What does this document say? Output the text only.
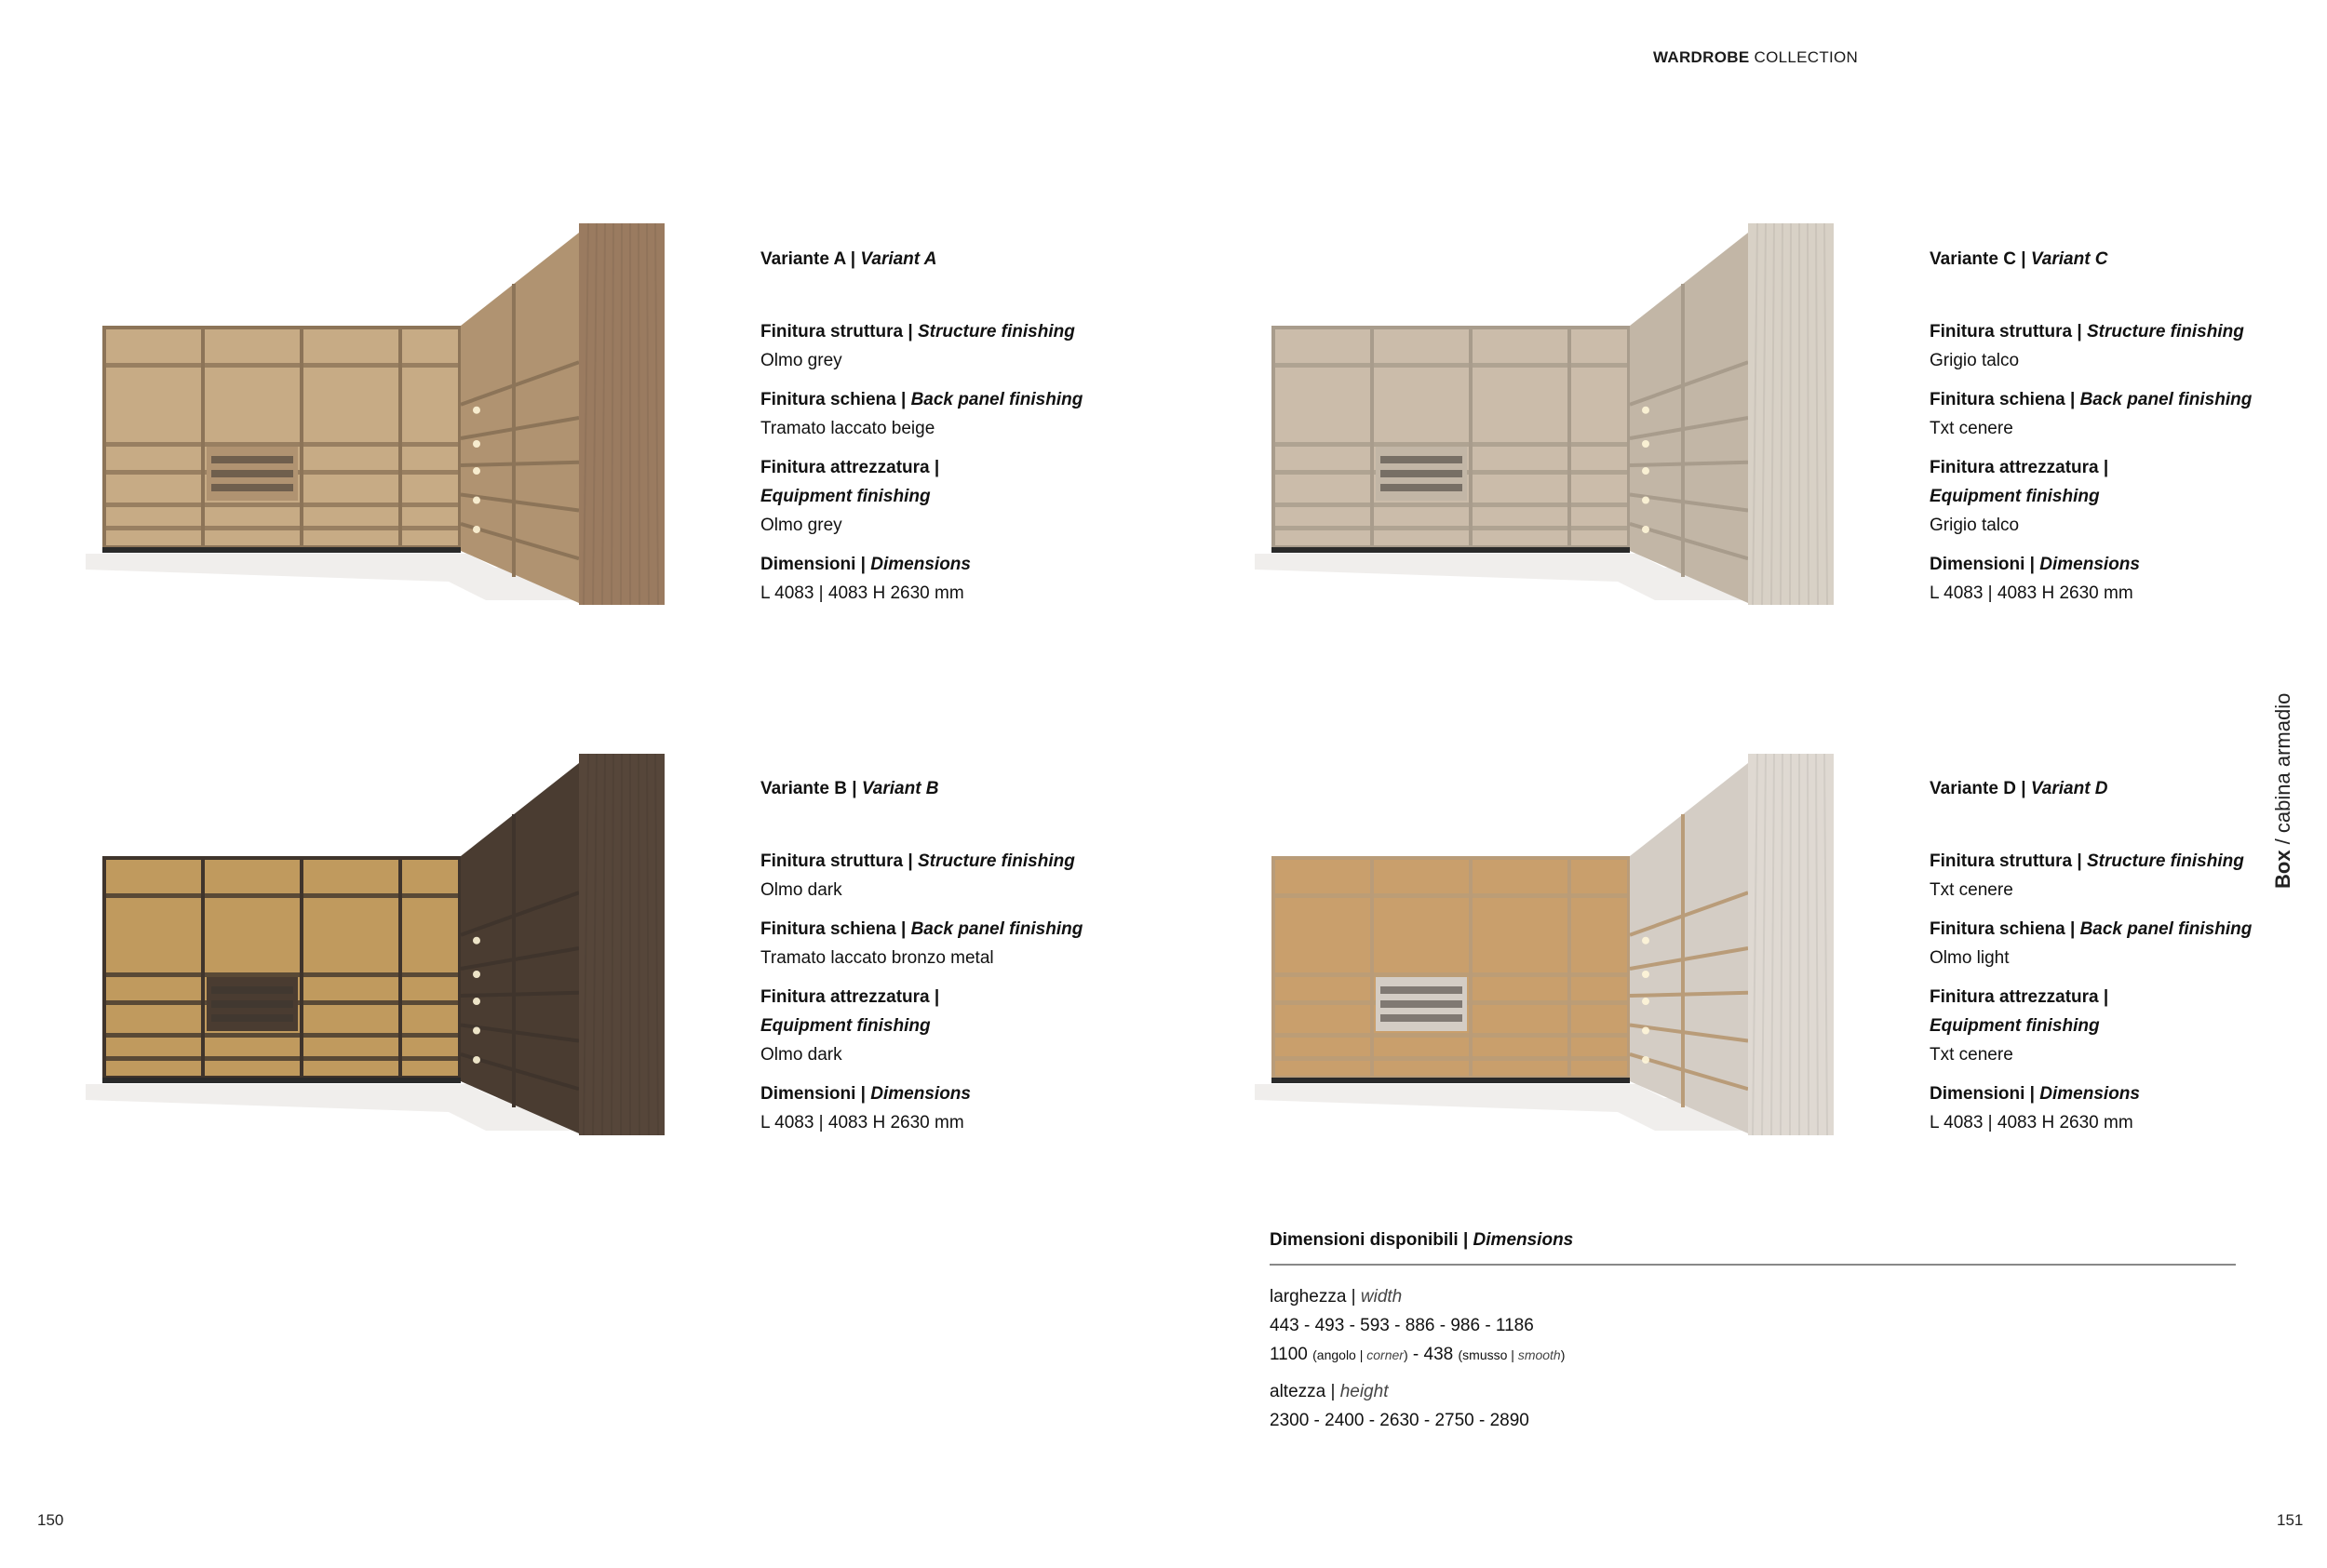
WARDROBE COLLECTION
Box / cabina armadio
Variante A | Variant A
Finitura struttura | Structure finishing
Olmo grey
Finitura schiena | Back panel finishing
Tramato laccato beige
Finitura attrezzatura |
Equipment finishing
Olmo grey
Dimensioni | Dimensions
L 4083 | 4083 H 2630 mm
Variante C | Variant C
Finitura struttura | Structure finishing
Grigio talco
Finitura schiena | Back panel finishing
Txt cenere
Finitura attrezzatura |
Equipment finishing
Grigio talco
Dimensioni | Dimensions
L 4083 | 4083 H 2630 mm
Variante B | Variant B
Finitura struttura | Structure finishing
Olmo dark
Finitura schiena | Back panel finishing
Tramato laccato bronzo metal
Finitura attrezzatura |
Equipment finishing
Olmo dark
Dimensioni | Dimensions
L 4083 | 4083 H 2630 mm
Variante D | Variant D
Finitura struttura | Structure finishing
Txt cenere
Finitura schiena | Back panel finishing
Olmo light
Finitura attrezzatura |
Equipment finishing
Txt cenere
Dimensioni | Dimensions
L 4083 | 4083 H 2630 mm
Dimensioni disponibili | Dimensions
larghezza | width
443 - 493 - 593 - 886 - 986 - 1186
1100 (angolo | corner) - 438 (smusso | smooth)
altezza | height
2300 - 2400 - 2630 - 2750 - 2890
150	151
